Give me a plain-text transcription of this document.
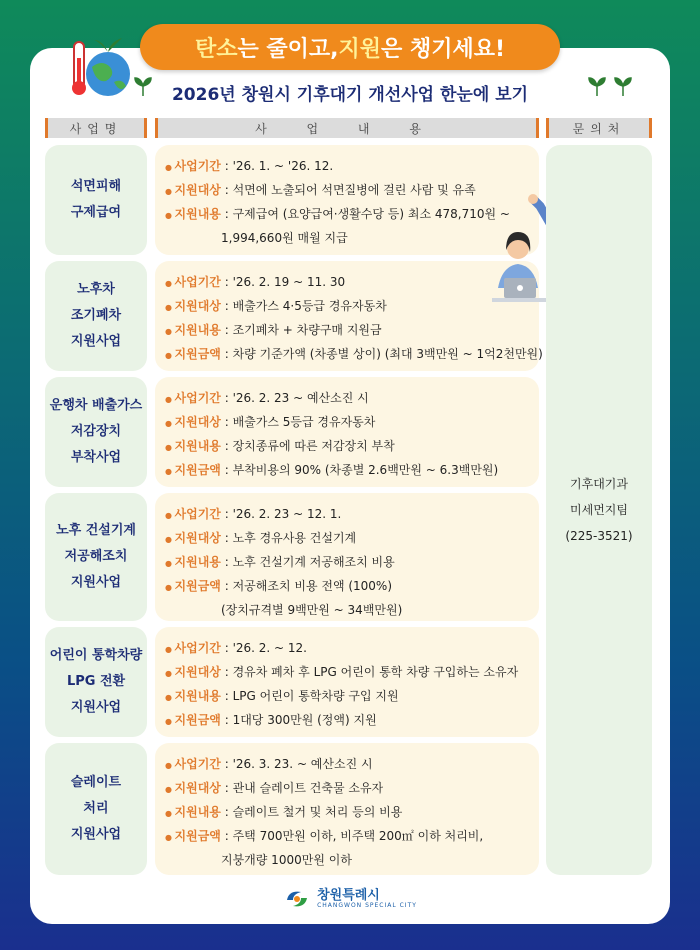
탄소 는 줄이고, 지원 은 챙기세요!
2026년 창원시 기후대기 개선사업 한눈에 보기
사업명	사 업 내 용	문의처
석면피해
구제급여
● 사업기간 : '26. 1. ~ '26. 12.
● 지원대상 : 석면에 노출되어 석면질병에 걸린 사람 및 유족
● 지원내용 : 구제급여 (요양급여·생활수당 등) 최소 478,710원 ~
1,994,660원 매월 지급
노후차
조기폐차
지원사업
● 사업기간 : '26. 2. 19 ~ 11. 30
● 지원대상 : 배출가스 4·5등급 경유자동차
● 지원내용 : 조기폐차 + 차량구매 지원금
● 지원금액 : 차량 기준가액 (차종별 상이) (최대 3백만원 ~ 1억2천만원)
운행차 배출가스
저감장치
부착사업
● 사업기간 : '26. 2. 23 ~ 예산소진 시
● 지원대상 : 배출가스 5등급 경유자동차
● 지원내용 : 장치종류에 따른 저감장치 부착
● 지원금액 : 부착비용의 90% (차종별 2.6백만원 ~ 6.3백만원)
노후 건설기계
저공해조치
지원사업
● 사업기간 : '26. 2. 23 ~ 12. 1.
● 지원대상 : 노후 경유사용 건설기계
● 지원내용 : 노후 건설기계 저공해조치 비용
● 지원금액 : 저공해조치 비용 전액 (100%)
(장치규격별 9백만원 ~ 34백만원)
어린이 통학차량
LPG 전환
지원사업
● 사업기간 : '26. 2. ~ 12.
● 지원대상 : 경유차 폐차 후 LPG 어린이 통학 차량 구입하는 소유자
● 지원내용 : LPG 어린이 통학차량 구입 지원
● 지원금액 : 1대당 300만원 (정액) 지원
슬레이트
처리
지원사업
● 사업기간 : '26. 3. 23. ~ 예산소진 시
● 지원대상 : 관내 슬레이트 건축물 소유자
● 지원내용 : 슬레이트 철거 및 처리 등의 비용
● 지원금액 : 주택 700만원 이하, 비주택 200㎡ 이하 처리비,
지붕개량 1000만원 이하
기후대기과
미세먼지팀
(225-3521)
창원특례시
CHANGWON SPECIAL CITY
